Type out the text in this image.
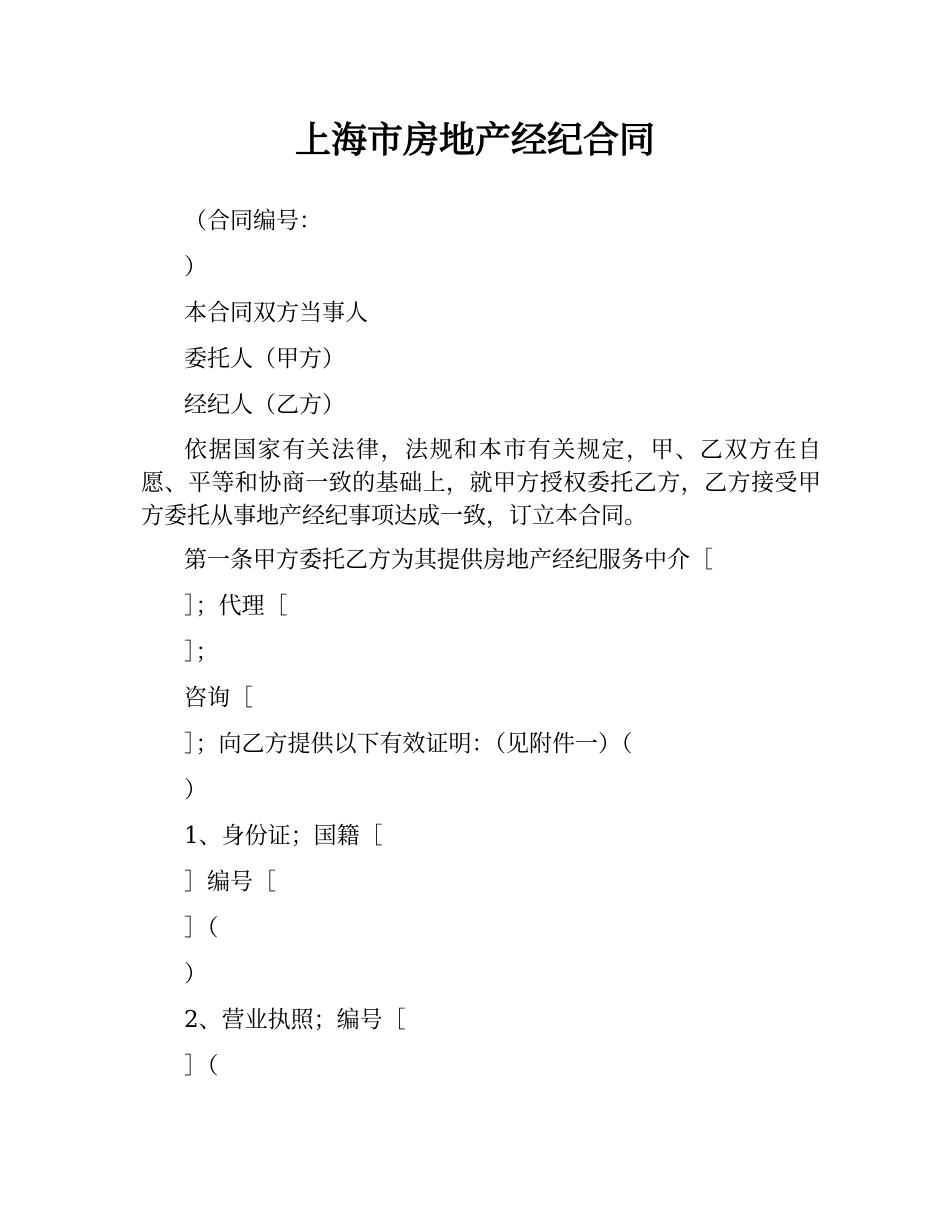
上海市房地产经纪合同

（合同编号：

）

本合同双方当事人

委托人（甲方）

经纪人（乙方）

依据国家有关法律，法规和本市有关规定，甲、乙双方在自愿、平等和协商一致的基础上，就甲方授权委托乙方，乙方接受甲方委托从事地产经纪事项达成一致，订立本合同。

第一条甲方委托乙方为其提供房地产经纪服务中介［

］；代理［

］；

咨询［

］；向乙方提供以下有效证明：（见附件一）（

）

1、身份证；国籍［

］编号［

］（

）

2、营业执照；编号［

］（
